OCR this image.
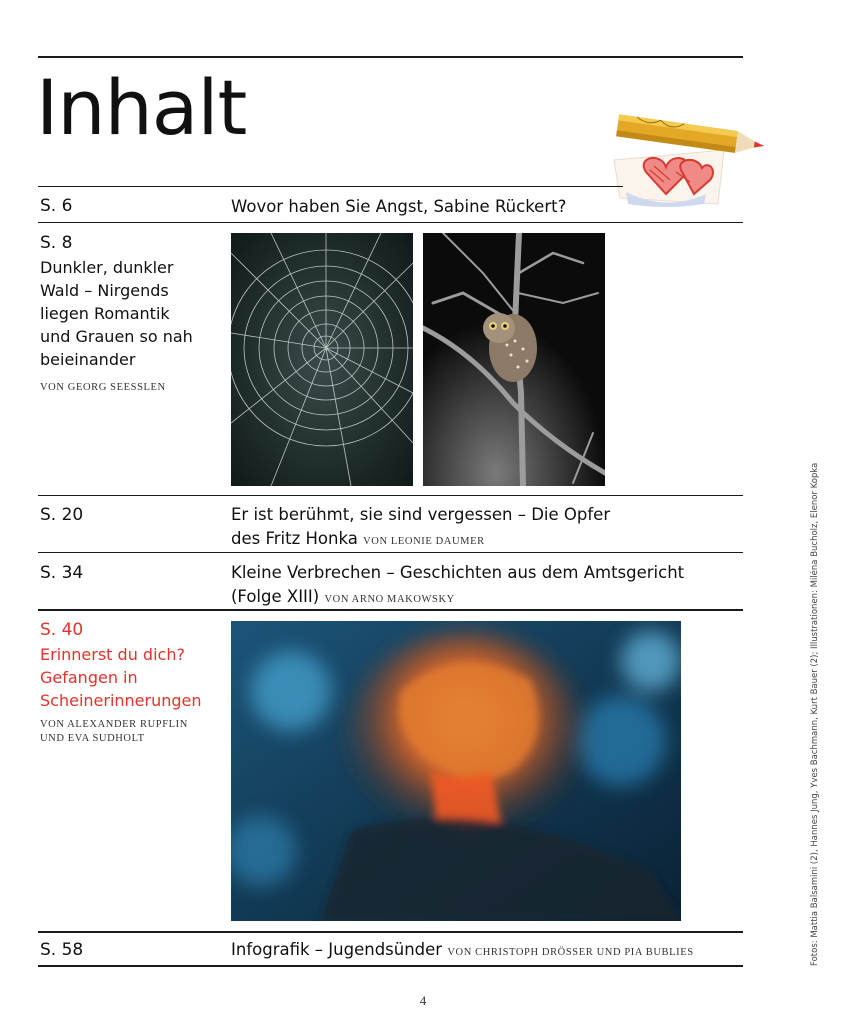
Inhalt
S. 6	Wovor haben Sie Angst, Sabine Rückert?
S. 8
Dunkler, dunkler
Wald – Nirgends
liegen Romantik
und Grauen so nah
beieinander
VON GEORG SEESSLEN
S. 20	Er ist berühmt, sie sind vergessen – Die Opfer
des Fritz Honka VON LEONIE DAUMER
S. 34	Kleine Verbrechen – Geschichten aus dem Amtsgericht
(Folge XIII) VON ARNO MAKOWSKY
S. 40
Erinnerst du dich?
Gefangen in
Scheinerinnerungen
VON ALEXANDER RUPFLIN
UND EVA SUDHOLT
S. 58	Infografik – Jugendsünder VON CHRISTOPH DRÖSSER UND PIA BUBLIES	Fotos: Mattia Balsamini (2), Hannes Jung, Yves Bachmann, Kurt Bauer (2); Illustrationen: Miléna Bucholz, Elenor Kopka
4
